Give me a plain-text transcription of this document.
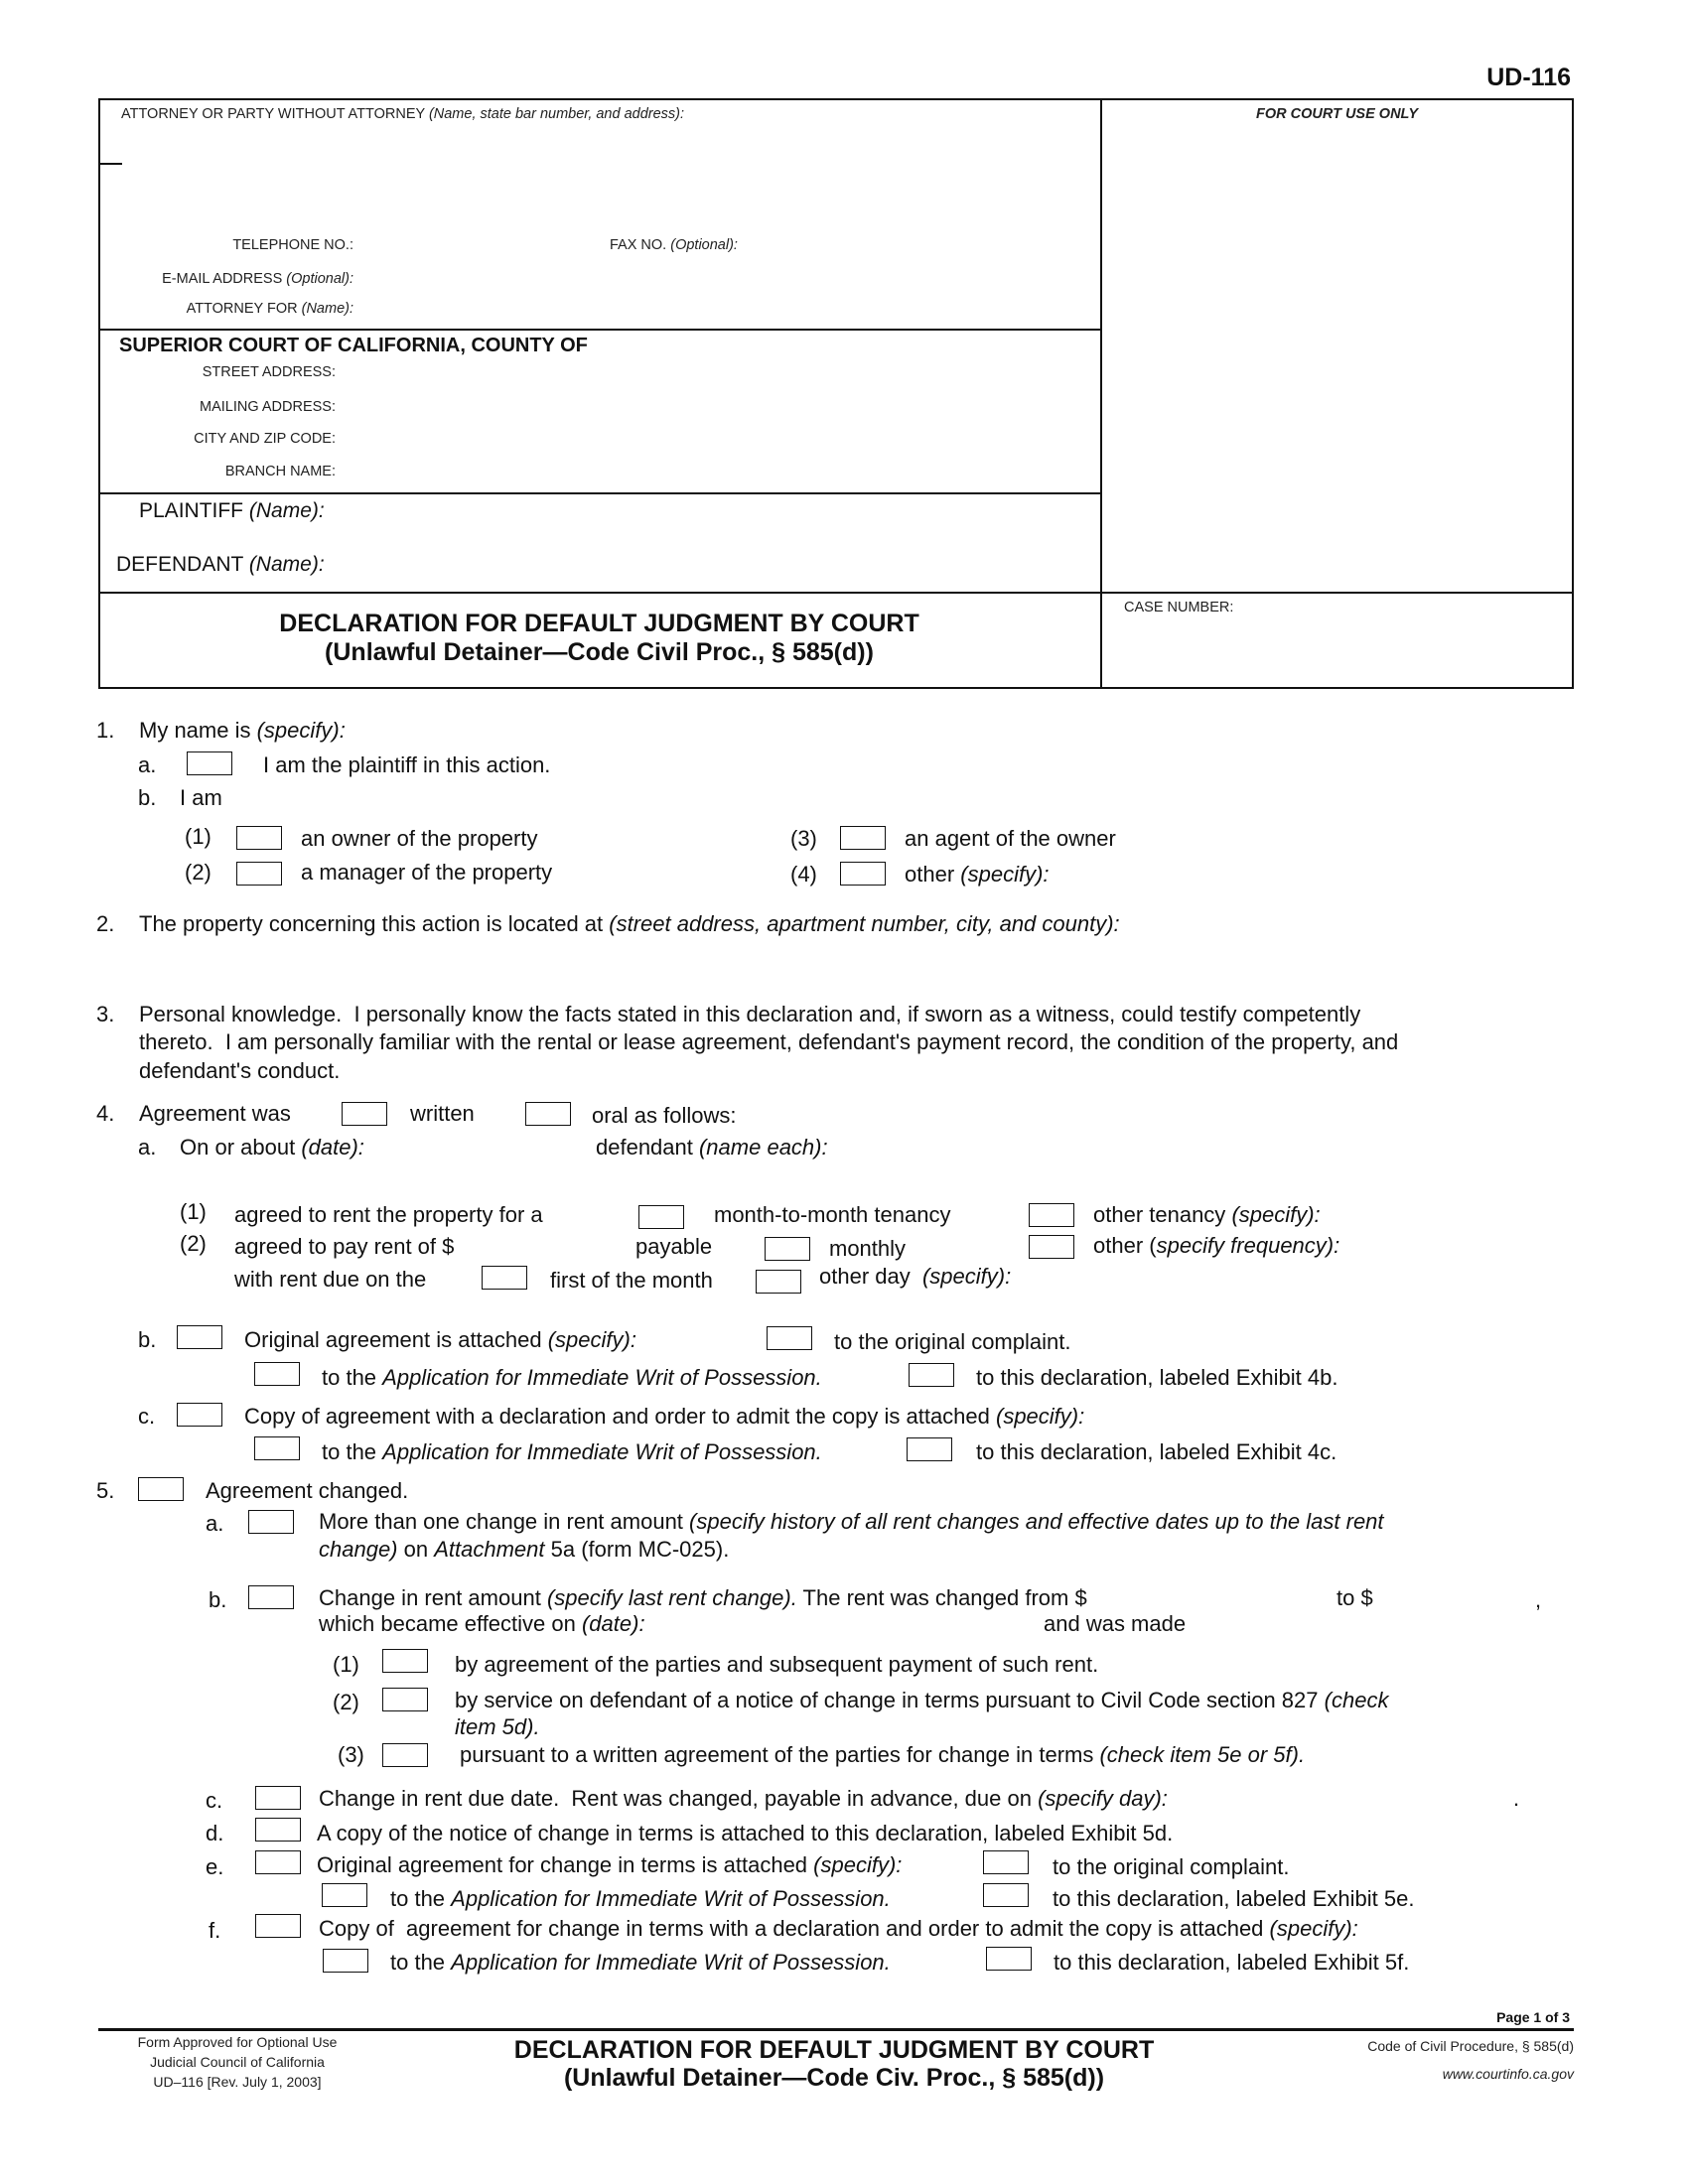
UD-116
ATTORNEY OR PARTY WITHOUT ATTORNEY (Name, state bar number, and address):
TELEPHONE NO.:	FAX NO. (Optional):
E-MAIL ADDRESS (Optional):
ATTORNEY FOR (Name):
FOR COURT USE ONLY
SUPERIOR COURT OF CALIFORNIA, COUNTY OF
STREET ADDRESS:
MAILING ADDRESS:
CITY AND ZIP CODE:
BRANCH NAME:
PLAINTIFF (Name):
DEFENDANT (Name):
DECLARATION FOR DEFAULT JUDGMENT BY COURT
(Unlawful Detainer—Code Civil Proc., § 585(d))
CASE NUMBER:
1. My name is (specify):
a.	I am the plaintiff in this action.
b. I am
(1)	an owner of the property	(3)	an agent of the owner
(2)	a manager of the property	(4)	other (specify):
2. The property concerning this action is located at (street address, apartment number, city, and county):
3. Personal knowledge.  I personally know the facts stated in this declaration and, if sworn as a witness, could testify competently
thereto.  I am personally familiar with the rental or lease agreement, defendant's payment record, the condition of the property, and
defendant's conduct.
4. Agreement was	written	oral as follows:
a. On or about (date):	defendant (name each):
(1) agreed to rent the property for a	month-to-month tenancy	other tenancy (specify):
(2) agreed to pay rent of $	payable	monthly	other (specify frequency):
with rent due on the	first of the month	other day  (specify):
b.	Original agreement is attached (specify):	to the original complaint.
to the Application for Immediate Writ of Possession.	to this declaration, labeled Exhibit 4b.
c.	Copy of agreement with a declaration and order to admit the copy is attached (specify):
to the Application for Immediate Writ of Possession.	to this declaration, labeled Exhibit 4c.
5.	Agreement changed.
a.	More than one change in rent amount (specify history of all rent changes and effective dates up to the last rent
change) on Attachment 5a (form MC-025).
b.	Change in rent amount (specify last rent change). The rent was changed from $	to $	,
which became effective on (date):	and was made
(1)	by agreement of the parties and subsequent payment of such rent.
(2)	by service on defendant of a notice of change in terms pursuant to Civil Code section 827 (check
item 5d).
(3)	pursuant to a written agreement of the parties for change in terms (check item 5e or 5f).
c.	Change in rent due date.  Rent was changed, payable in advance, due on (specify day):	.
d.	A copy of the notice of change in terms is attached to this declaration, labeled Exhibit 5d.
e.	Original agreement for change in terms is attached (specify):	to the original complaint.
to the Application for Immediate Writ of Possession.	to this declaration, labeled Exhibit 5e.
f.	Copy of  agreement for change in terms with a declaration and order to admit the copy is attached (specify):
to the Application for Immediate Writ of Possession.	to this declaration, labeled Exhibit 5f.
Page 1 of 3
Form Approved for Optional Use
Judicial Council of California
UD–116 [Rev. July 1, 2003]
DECLARATION FOR DEFAULT JUDGMENT BY COURT
(Unlawful Detainer—Code Civ. Proc., § 585(d))
Code of Civil Procedure, § 585(d)
www.courtinfo.ca.gov
